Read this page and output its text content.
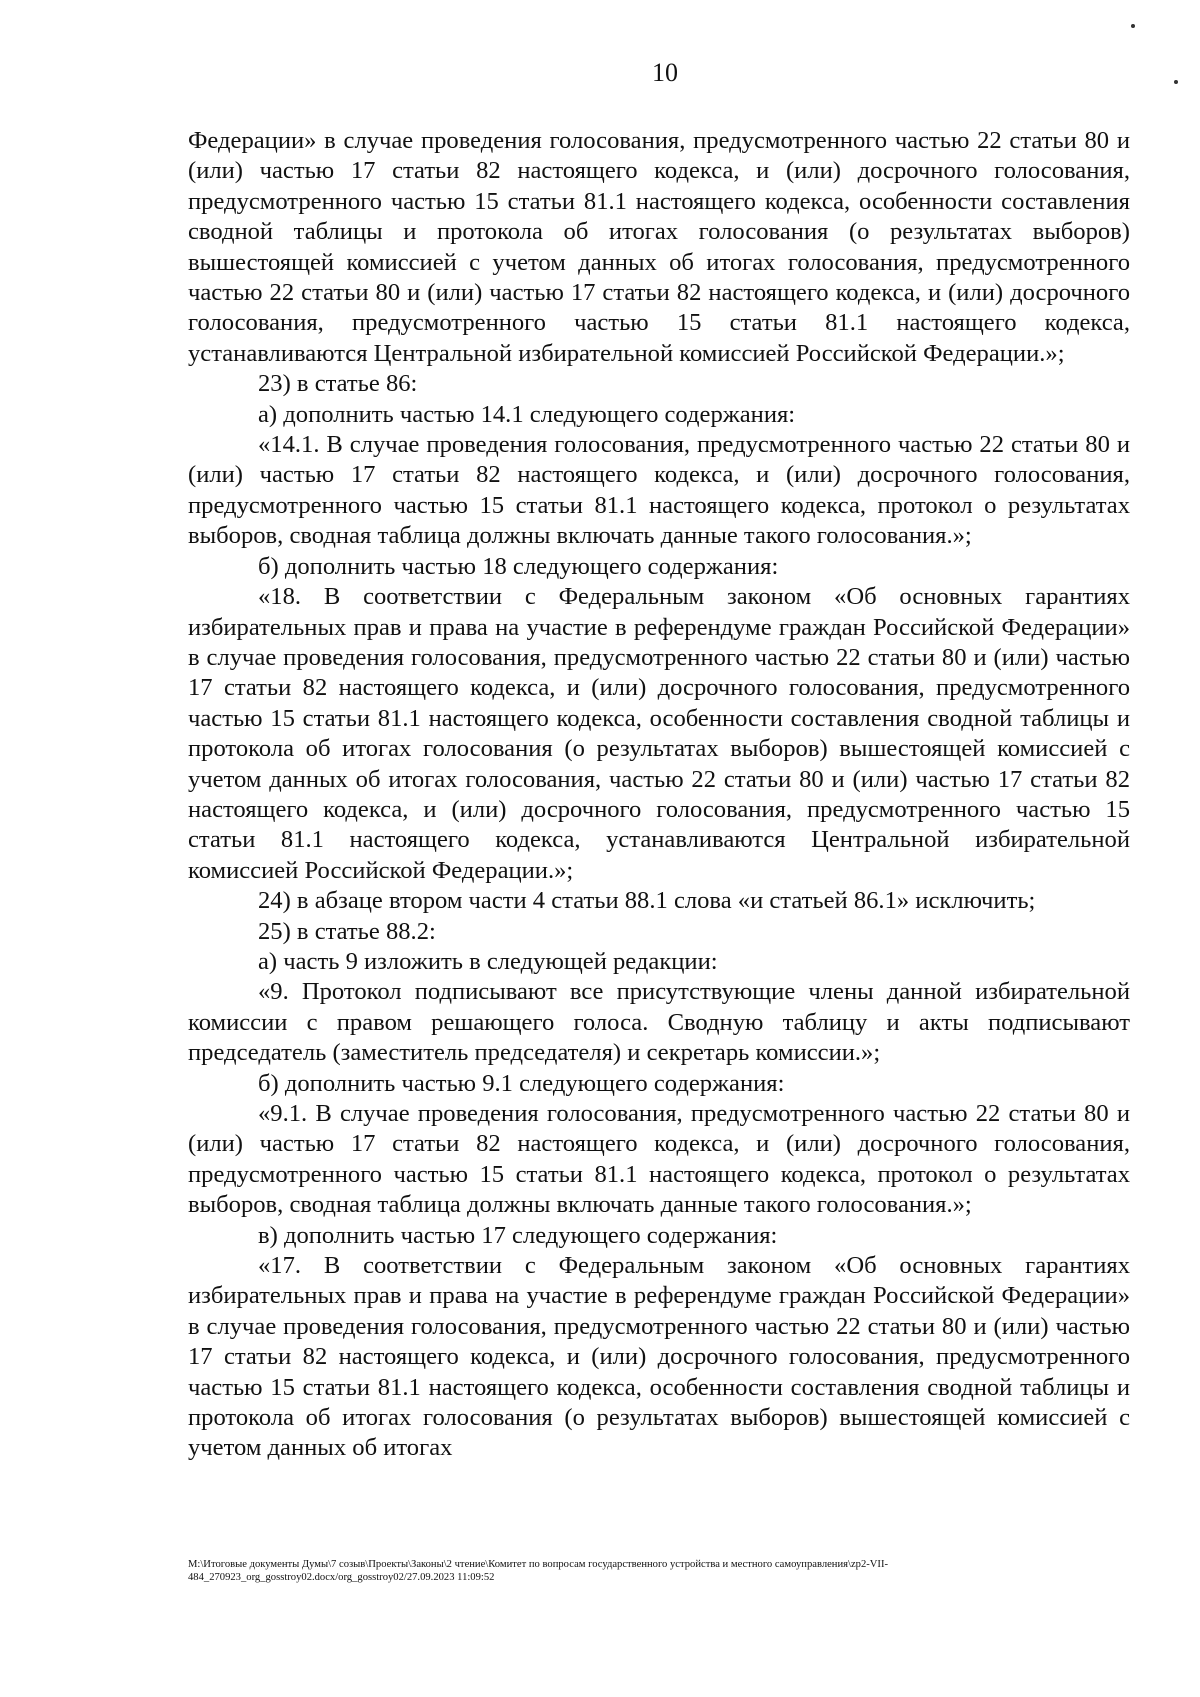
10

Федерации» в случае проведения голосования, предусмотренного частью 22 статьи 80 и (или) частью 17 статьи 82 настоящего кодекса, и (или) досрочного голосования, предусмотренного частью 15 статьи 81.1 настоящего кодекса, особенности составления сводной таблицы и протокола об итогах голосования (о результатах выборов) вышестоящей комиссией с учетом данных об итогах голосования, предусмотренного частью 22 статьи 80 и (или) частью 17 статьи 82 настоящего кодекса, и (или) досрочного голосования, предусмотренного частью 15 статьи 81.1 настоящего кодекса, устанавливаются Центральной избирательной комиссией Российской Федерации.»;

23) в статье 86:

а) дополнить частью 14.1 следующего содержания:

«14.1. В случае проведения голосования, предусмотренного частью 22 статьи 80 и (или) частью 17 статьи 82 настоящего кодекса, и (или) досрочного голосования, предусмотренного частью 15 статьи 81.1 настоящего кодекса, протокол о результатах выборов, сводная таблица должны включать данные такого голосования.»;

б) дополнить частью 18 следующего содержания:

«18. В соответствии с Федеральным законом «Об основных гарантиях избирательных прав и права на участие в референдуме граждан Российской Федерации» в случае проведения голосования, предусмотренного частью 22 статьи 80 и (или) частью 17 статьи 82 настоящего кодекса, и (или) досрочного голосования, предусмотренного частью 15 статьи 81.1 настоящего кодекса, особенности составления сводной таблицы и протокола об итогах голосования (о результатах выборов) вышестоящей комиссией с учетом данных об итогах голосования, частью 22 статьи 80 и (или) частью 17 статьи 82 настоящего кодекса, и (или) досрочного голосования, предусмотренного частью 15 статьи 81.1 настоящего кодекса, устанавливаются Центральной избирательной комиссией Российской Федерации.»;

24) в абзаце втором части 4 статьи 88.1 слова «и статьей 86.1» исключить;

25) в статье 88.2:

а) часть 9 изложить в следующей редакции:

«9. Протокол подписывают все присутствующие члены данной избирательной комиссии с правом решающего голоса. Сводную таблицу и акты подписывают председатель (заместитель председателя) и секретарь комиссии.»;

б) дополнить частью 9.1 следующего содержания:

«9.1. В случае проведения голосования, предусмотренного частью 22 статьи 80 и (или) частью 17 статьи 82 настоящего кодекса, и (или) досрочного голосования, предусмотренного частью 15 статьи 81.1 настоящего кодекса, протокол о результатах выборов, сводная таблица должны включать данные такого голосования.»;

в) дополнить частью 17 следующего содержания:

«17. В соответствии с Федеральным законом «Об основных гарантиях избирательных прав и права на участие в референдуме граждан Российской Федерации» в случае проведения голосования, предусмотренного частью 22 статьи 80 и (или) частью 17 статьи 82 настоящего кодекса, и (или) досрочного голосования, предусмотренного частью 15 статьи 81.1 настоящего кодекса, особенности составления сводной таблицы и протокола об итогах голосования (о результатах выборов) вышестоящей комиссией с учетом данных об итогах

M:\Итоговые документы Думы\7 созыв\Проекты\Законы\2 чтение\Комитет по вопросам государственного устройства и местного самоуправления\zp2-VII-484_270923_org_gosstroy02.docx/org_gosstroy02/27.09.2023 11:09:52
